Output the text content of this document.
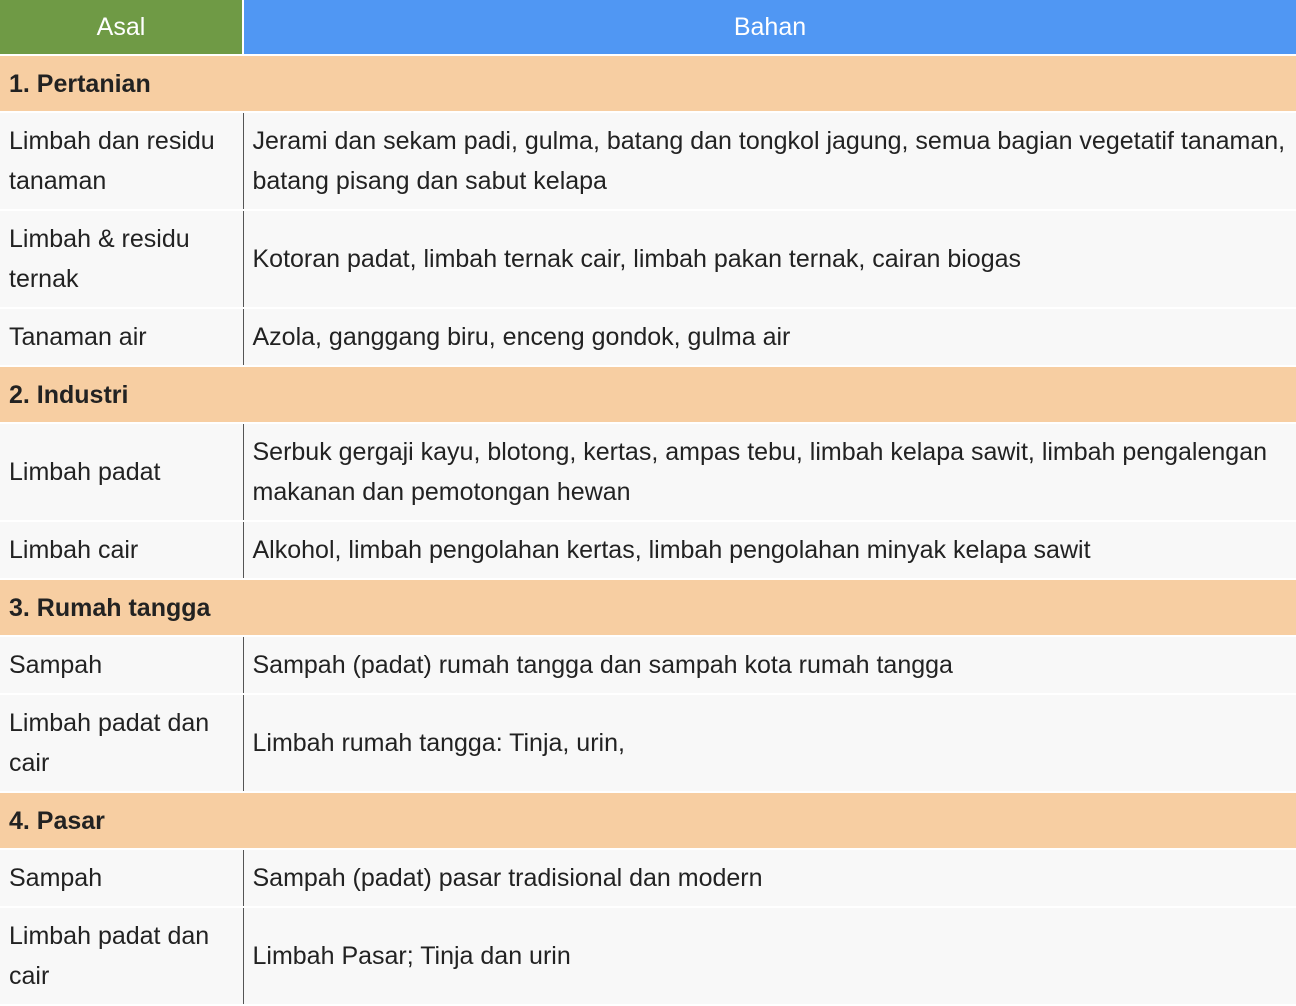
Asal	Bahan
1. Pertanian	
Limbah dan residu tanaman	Jerami dan sekam padi, gulma, batang dan tongkol jagung, semua bagian vegetatif tanaman, batang pisang dan sabut kelapa
Limbah & residu ternak	Kotoran padat, limbah ternak cair, limbah pakan ternak, cairan biogas
Tanaman air	Azola, ganggang biru, enceng gondok, gulma air
2. Industri	
Limbah padat	Serbuk gergaji kayu, blotong, kertas, ampas tebu, limbah kelapa sawit, limbah pengalengan makanan dan pemotongan hewan
Limbah cair	Alkohol, limbah pengolahan kertas, limbah pengolahan minyak kelapa sawit
3. Rumah tangga	
Sampah	Sampah (padat) rumah tangga dan sampah kota rumah tangga
Limbah padat dan cair	Limbah rumah tangga: Tinja, urin,
4. Pasar	
Sampah	Sampah (padat) pasar tradisional dan modern
Limbah padat dan cair	Limbah Pasar; Tinja dan urin
